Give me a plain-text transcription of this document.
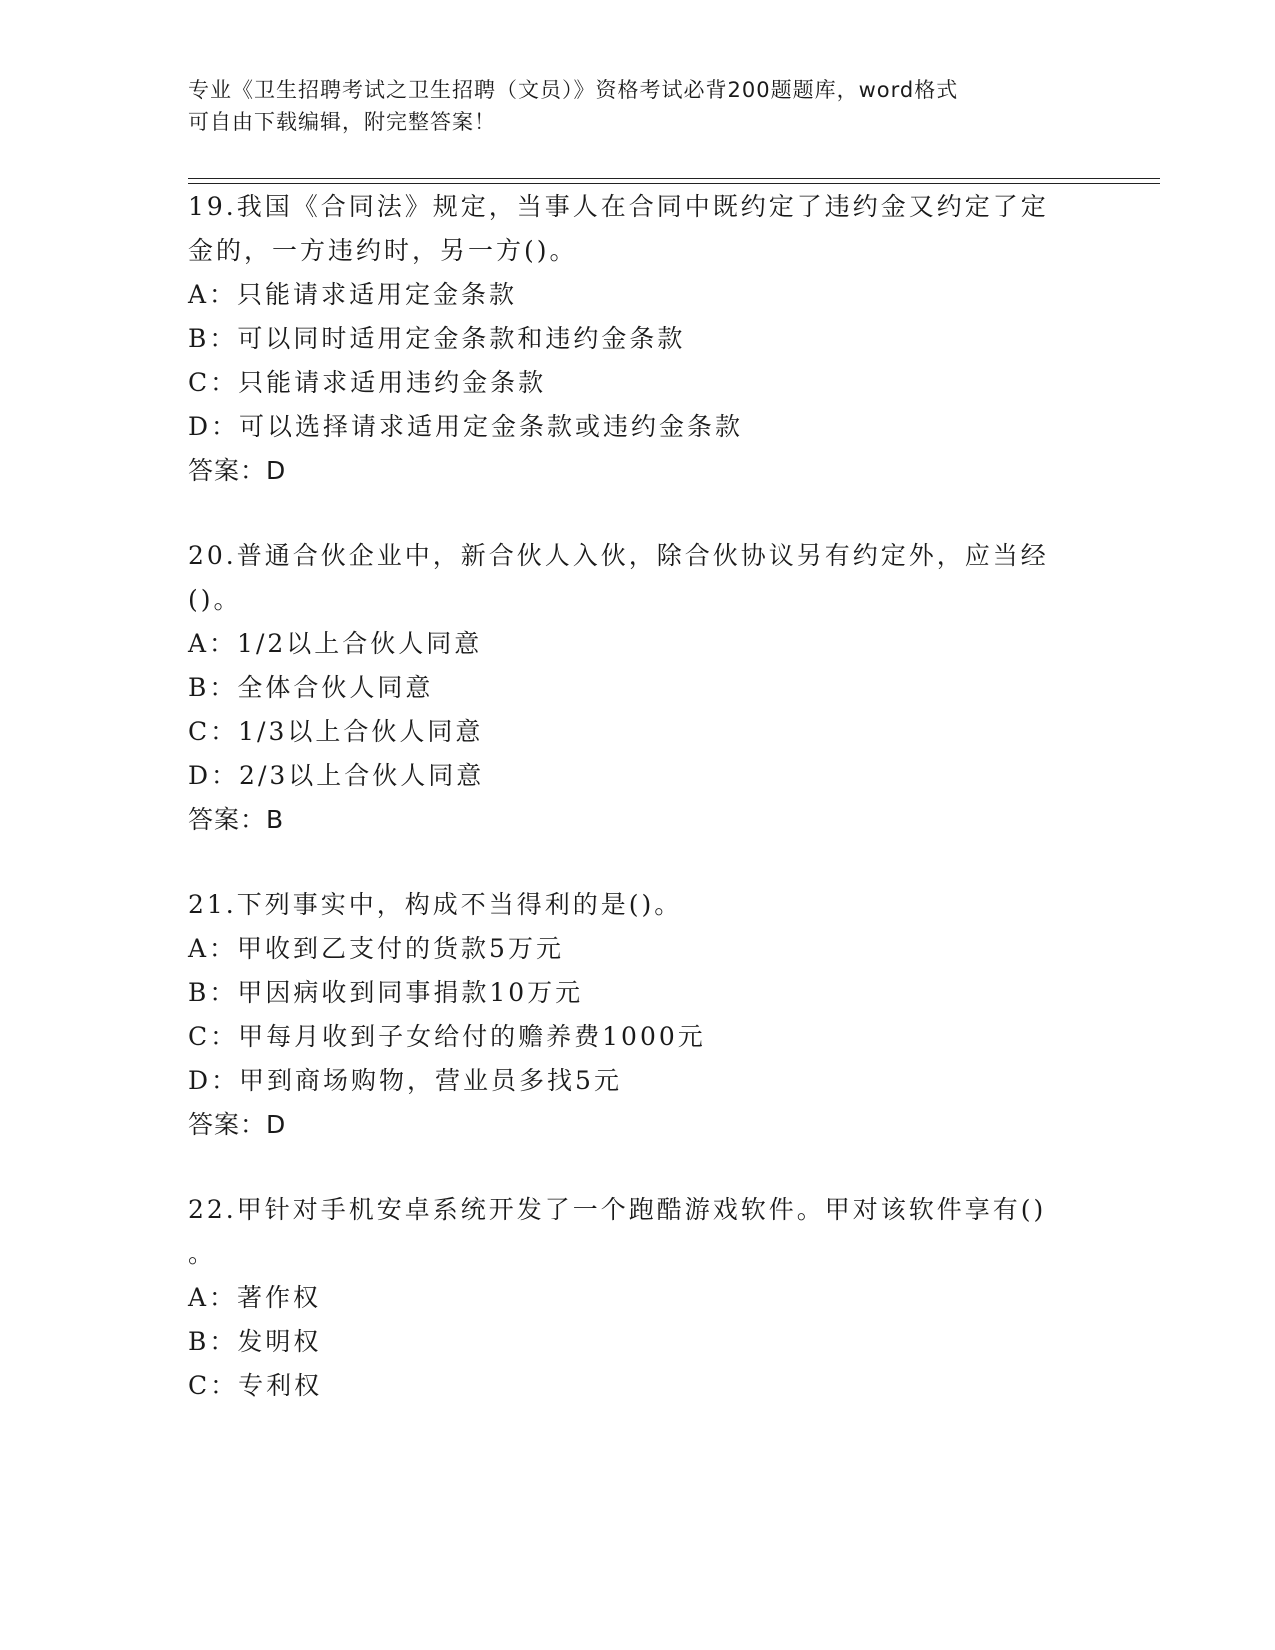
专业《卫生招聘考试之卫生招聘（文员）》资格考试必背200题题库，word格式
可自由下载编辑，附完整答案！
19.我国《合同法》规定，当事人在合同中既约定了违约金又约定了定
金的，一方违约时，另一方()。
A：只能请求适用定金条款
B：可以同时适用定金条款和违约金条款
C：只能请求适用违约金条款
D：可以选择请求适用定金条款或违约金条款
答案：D
20.普通合伙企业中，新合伙人入伙，除合伙协议另有约定外，应当经
()。
A：1/2以上合伙人同意
B：全体合伙人同意
C：1/3以上合伙人同意
D：2/3以上合伙人同意
答案：B
21.下列事实中，构成不当得利的是()。
A：甲收到乙支付的货款5万元
B：甲因病收到同事捐款10万元
C：甲每月收到子女给付的赡养费1000元
D：甲到商场购物，营业员多找5元
答案：D
22.甲针对手机安卓系统开发了一个跑酷游戏软件。甲对该软件享有()
。
A：著作权
B：发明权
C：专利权
